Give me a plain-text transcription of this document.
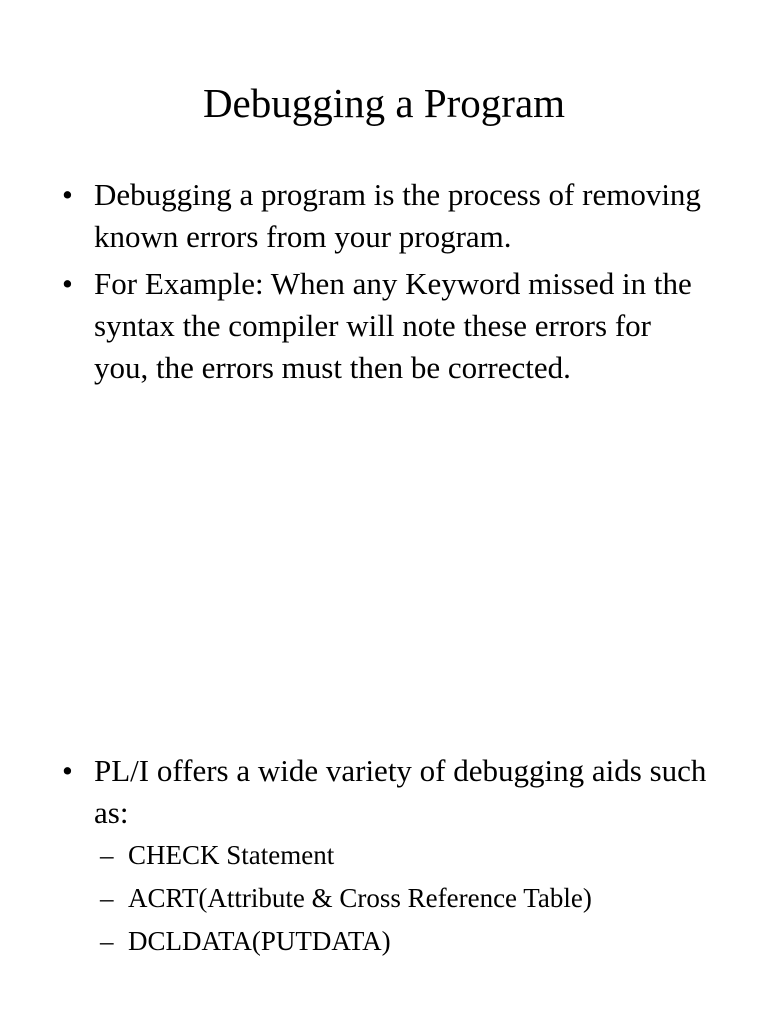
Debugging a Program
• Debugging a program is the process of removing known errors from your program.
• For Example: When any Keyword missed in the syntax the compiler will note these errors for you, the errors must then be corrected.
• PL/I offers a wide variety of debugging aids such as:
– CHECK Statement
– ACRT(Attribute & Cross Reference Table)
– DCLDATA(PUTDATA)
